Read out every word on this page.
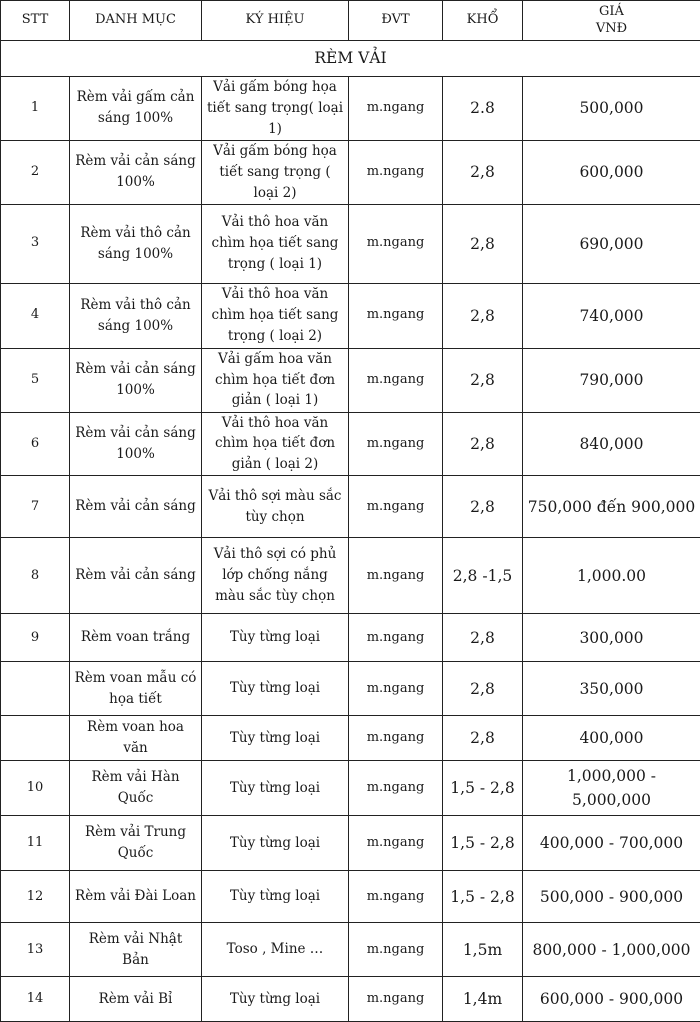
STT	DANH MỤC	KÝ HIỆU	ĐVT	KHỔ	GIÁ
VNĐ

RÈM VẢI					
1	Rèm vải gấm cản sáng 100%	Vải gấm bóng họa tiết sang trọng( loại 1)	m.ngang	2.8	500,000
2	Rèm vải cản sáng 100%	Vải gấm bóng họa tiết sang trọng ( loại 2)	m.ngang	2,8	600,000
3	Rèm vải thô cản sáng 100%	Vải thô hoa văn chìm họa tiết sang trọng ( loại 1)	m.ngang	2,8	690,000
4	Rèm vải thô cản sáng 100%	Vải thô hoa văn chìm họa tiết sang trọng ( loại 2)	m.ngang	2,8	740,000
5	Rèm vải cản sáng 100%	Vải gấm hoa văn chìm họa tiết đơn giản ( loại 1)	m.ngang	2,8	790,000
6	Rèm vải cản sáng 100%	Vải thô hoa văn chìm họa tiết đơn giản ( loại 2)	m.ngang	2,8	840,000
7	Rèm vải cản sáng	Vải thô sợi màu sắc tùy chọn	m.ngang	2,8	750,000 đến 900,000
8	Rèm vải cản sáng	Vải thô sợi có phủ lớp chống nắng màu sắc tùy chọn	m.ngang	2,8 -1,5	1,000.00
9	Rèm voan trắng	Tùy từng loại	m.ngang	2,8	300,000
	Rèm voan mẫu có họa tiết	Tùy từng loại	m.ngang	2,8	350,000
	Rèm voan hoa văn	Tùy từng loại	m.ngang	2,8	400,000
10	Rèm vải Hàn Quốc	Tùy từng loại	m.ngang	1,5 - 2,8	1,000,000 - 5,000,000
11	Rèm vải Trung Quốc	Tùy từng loại	m.ngang	1,5 - 2,8	400,000 - 700,000
12	Rèm vải Đài Loan	Tùy từng loại	m.ngang	1,5 - 2,8	500,000 - 900,000
13	Rèm vải Nhật Bản	Toso , Mine …	m.ngang	1,5m	800,000 - 1,000,000
14	Rèm vải Bỉ	Tùy từng loại	m.ngang	1,4m	600,000 - 900,000
